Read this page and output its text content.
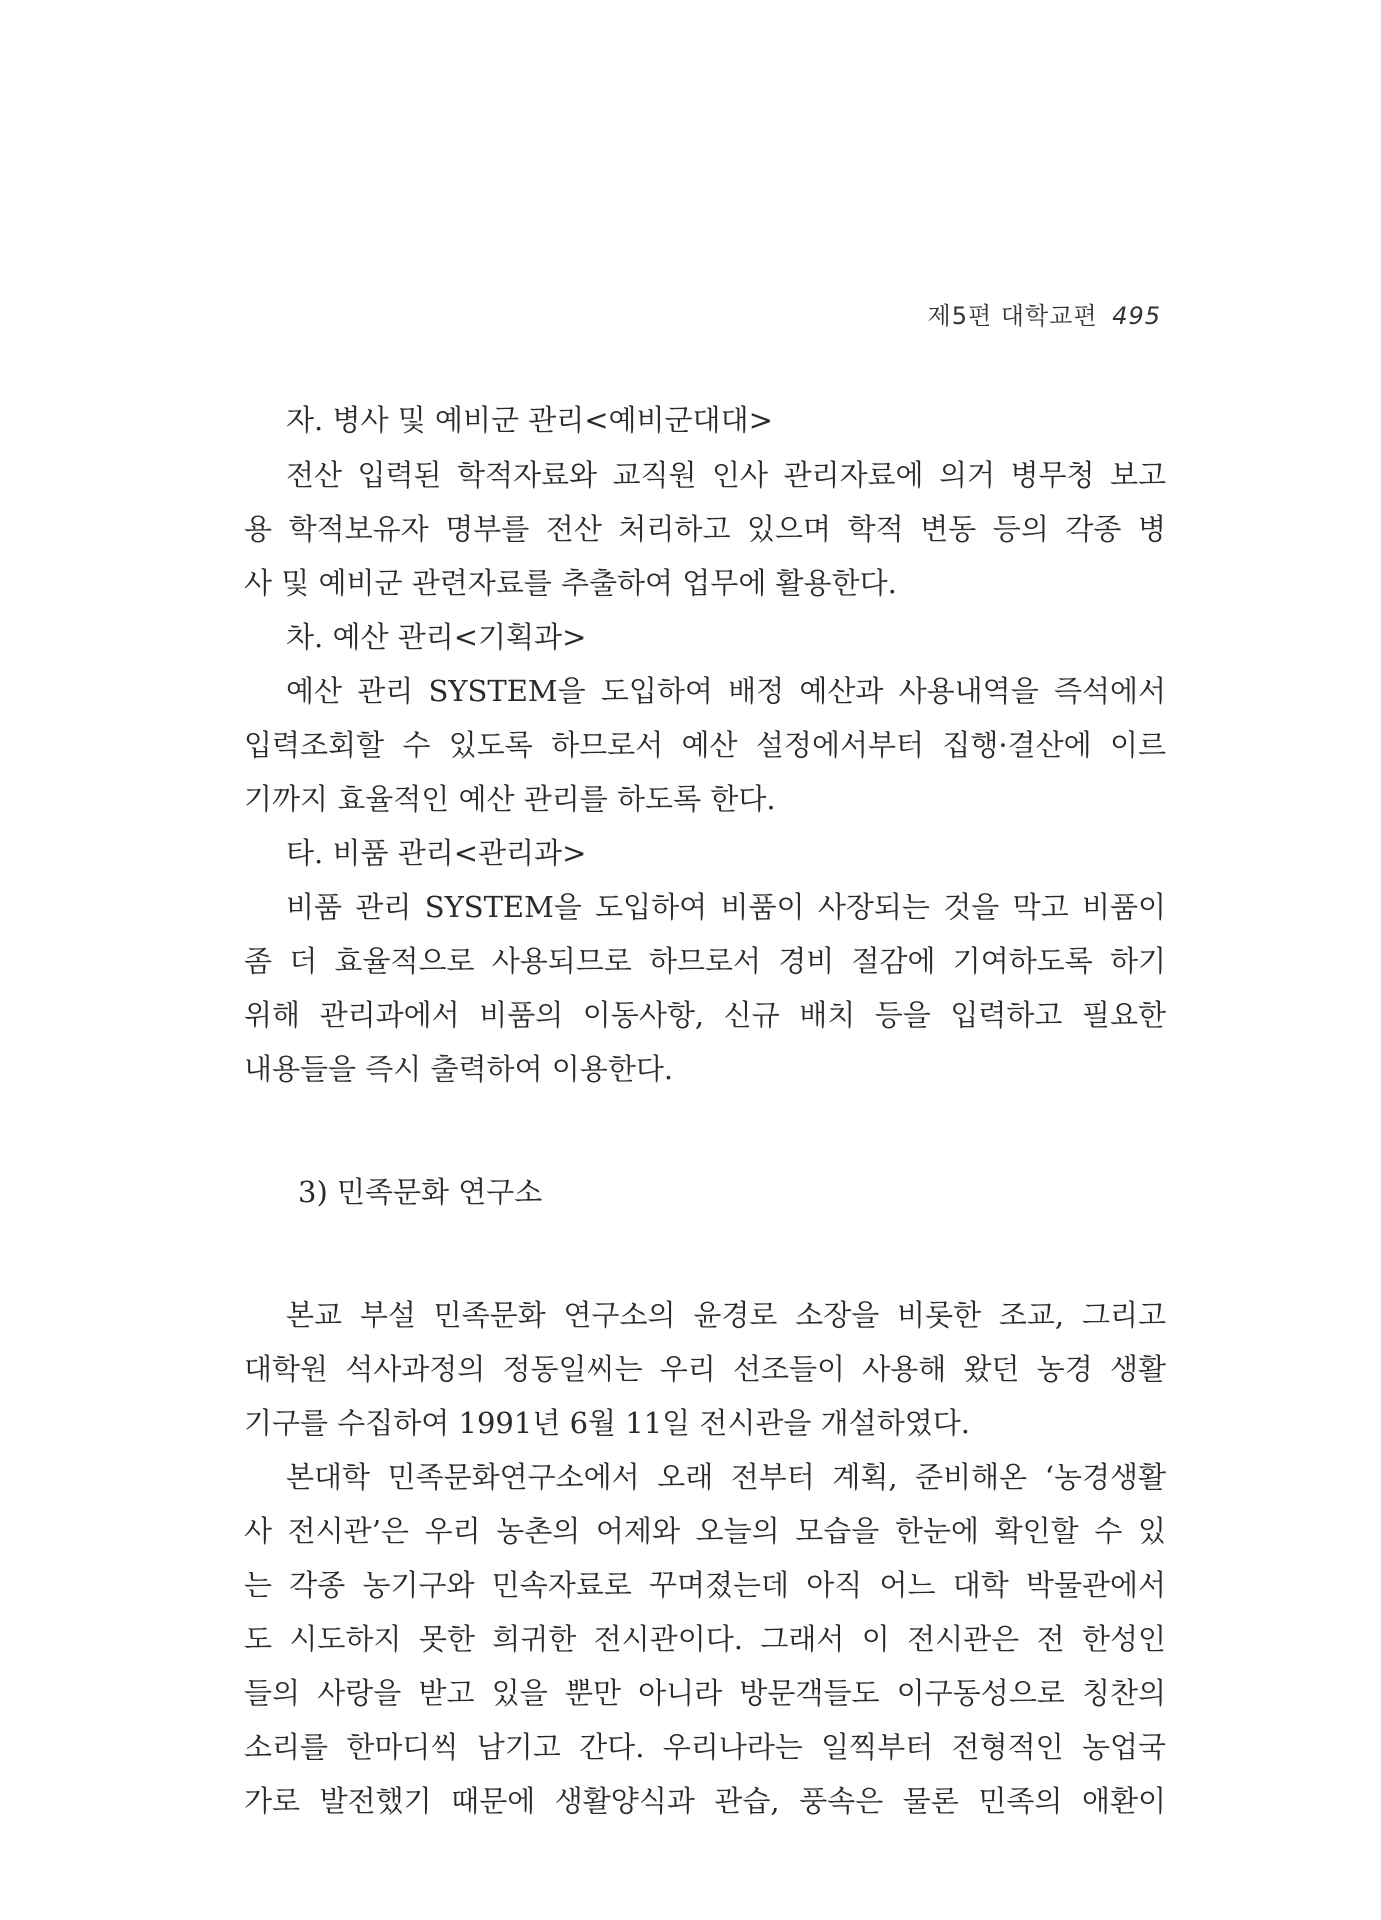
제5편 대학교편 495
자. 병사 및 예비군 관리<예비군대대>
전산 입력된 학적자료와 교직원 인사 관리자료에 의거 병무청 보고
용 학적보유자 명부를 전산 처리하고 있으며 학적 변동 등의 각종 병
사 및 예비군 관련자료를 추출하여 업무에 활용한다.
차. 예산 관리<기획과>
예산 관리 SYSTEM을 도입하여 배정 예산과 사용내역을 즉석에서
입력조회할 수 있도록 하므로서 예산 설정에서부터 집행·결산에 이르
기까지 효율적인 예산 관리를 하도록 한다.
타. 비품 관리<관리과>
비품 관리 SYSTEM을 도입하여 비품이 사장되는 것을 막고 비품이
좀 더 효율적으로 사용되므로 하므로서 경비 절감에 기여하도록 하기
위해 관리과에서 비품의 이동사항, 신규 배치 등을 입력하고 필요한
내용들을 즉시 출력하여 이용한다.
3) 민족문화 연구소
본교 부설 민족문화 연구소의 윤경로 소장을 비롯한 조교, 그리고
대학원 석사과정의 정동일씨는 우리 선조들이 사용해 왔던 농경 생활
기구를 수집하여 1991년 6월 11일 전시관을 개설하였다.
본대학 민족문화연구소에서 오래 전부터 계획, 준비해온 ‘농경생활
사 전시관’은 우리 농촌의 어제와 오늘의 모습을 한눈에 확인할 수 있
는 각종 농기구와 민속자료로 꾸며졌는데 아직 어느 대학 박물관에서
도 시도하지 못한 희귀한 전시관이다. 그래서 이 전시관은 전 한성인
들의 사랑을 받고 있을 뿐만 아니라 방문객들도 이구동성으로 칭찬의
소리를 한마디씩 남기고 간다. 우리나라는 일찍부터 전형적인 농업국
가로 발전했기 때문에 생활양식과 관습, 풍속은 물론 민족의 애환이
